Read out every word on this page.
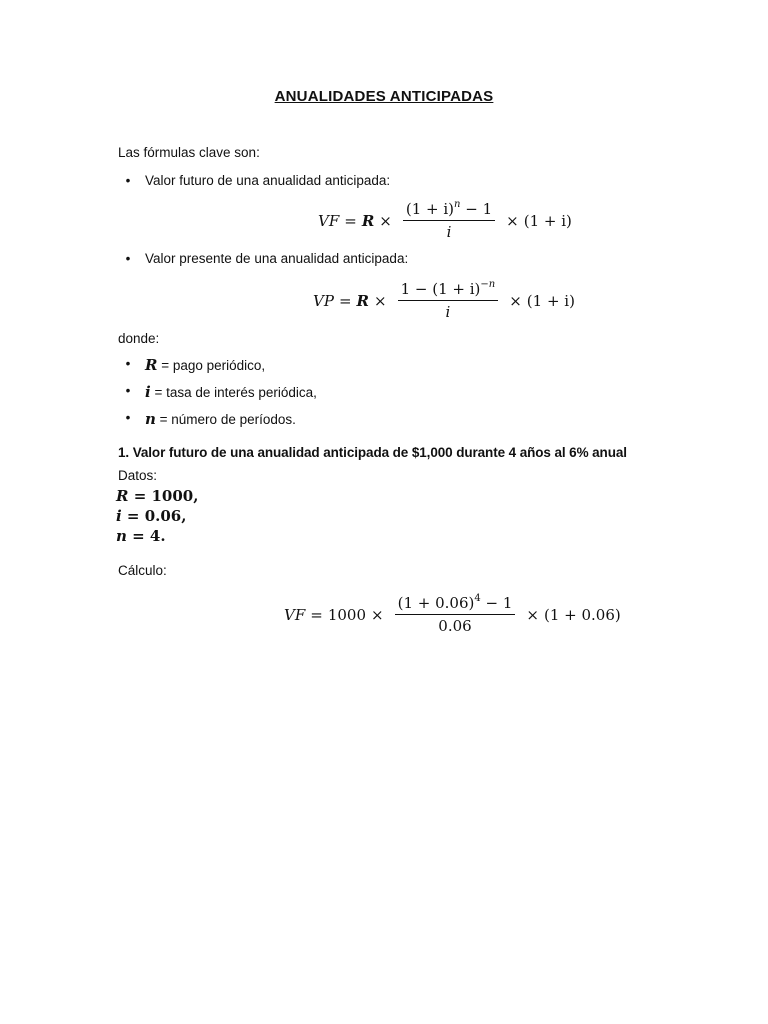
ANUALIDADES ANTICIPADAS
Las fórmulas clave son:
• Valor futuro de una anualidad anticipada:
VF = $R \times \frac{(1 + i)^n - 1}{i} \times (1 + i)$
• Valor presente de una anualidad anticipada:
VP = $R \times \frac{1 - (1 + i)^{-n}}{i} \times (1 + i)$
donde:
• R = pago periódico,
• i = tasa de interés periódica,
• n = número de períodos.
1. Valor futuro de una anualidad anticipada de $1,000 durante 4 años al 6% anual
Datos:
R = 1000,
i = 0.06,
n = 4.
Cálculo:
VF = $1000 \times \frac{(1 + 0.06)^4 - 1}{0.06} \times (1 + 0.06)$
